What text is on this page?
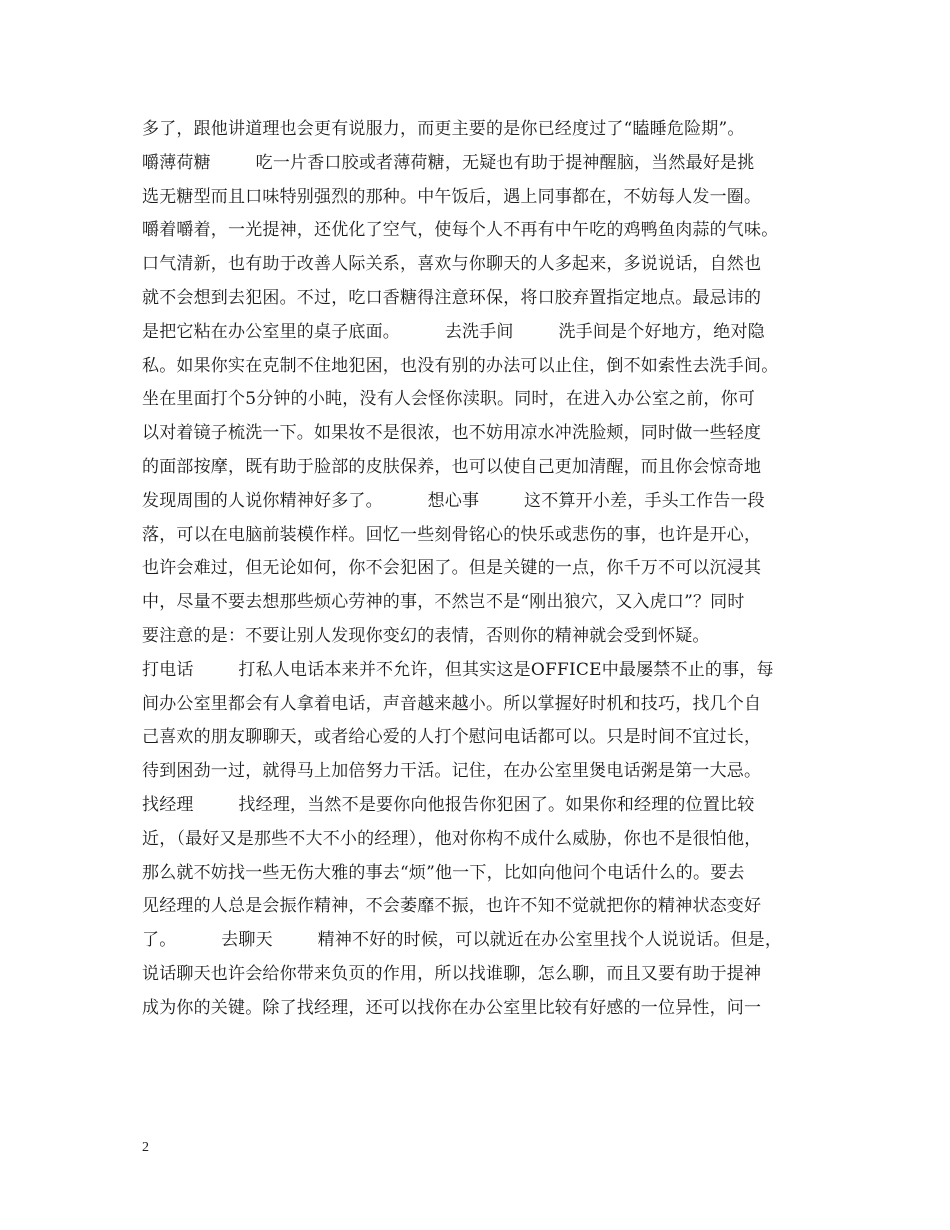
多了，跟他讲道理也会更有说服力，而更主要的是你已经度过了“瞌睡危险期”。
嚼薄荷糖        吃一片香口胶或者薄荷糖，无疑也有助于提神醒脑，当然最好是挑
选无糖型而且口味特别强烈的那种。中午饭后，遇上同事都在，不妨每人发一圈。
嚼着嚼着，一光提神，还优化了空气，使每个人不再有中午吃的鸡鸭鱼肉蒜的气味。
口气清新，也有助于改善人际关系，喜欢与你聊天的人多起来，多说说话，自然也
就不会想到去犯困。不过，吃口香糖得注意环保，将口胶弃置指定地点。最忌讳的
是把它粘在办公室里的桌子底面。        去洗手间        洗手间是个好地方，绝对隐
私。如果你实在克制不住地犯困，也没有别的办法可以止住，倒不如索性去洗手间。
坐在里面打个5分钟的小盹，没有人会怪你渎职。同时，在进入办公室之前，你可
以对着镜子梳洗一下。如果妆不是很浓，也不妨用凉水冲洗脸颊，同时做一些轻度
的面部按摩，既有助于脸部的皮肤保养，也可以使自己更加清醒，而且你会惊奇地
发现周围的人说你精神好多了。        想心事        这不算开小差，手头工作告一段
落，可以在电脑前装模作样。回忆一些刻骨铭心的快乐或悲伤的事，也许是开心，
也许会难过，但无论如何，你不会犯困了。但是关键的一点，你千万不可以沉浸其
中，尽量不要去想那些烦心劳神的事，不然岂不是“刚出狼穴，又入虎口”？同时
要注意的是：不要让别人发现你变幻的表情，否则你的精神就会受到怀疑。
打电话        打私人电话本来并不允许，但其实这是OFFICE中最屡禁不止的事，每
间办公室里都会有人拿着电话，声音越来越小。所以掌握好时机和技巧，找几个自
己喜欢的朋友聊聊天，或者给心爱的人打个慰问电话都可以。只是时间不宜过长，
待到困劲一过，就得马上加倍努力干活。记住，在办公室里煲电话粥是第一大忌。
找经理        找经理，当然不是要你向他报告你犯困了。如果你和经理的位置比较
近，（最好又是那些不大不小的经理），他对你构不成什么威胁，你也不是很怕他，
那么就不妨找一些无伤大雅的事去“烦”他一下，比如向他问个电话什么的。要去
见经理的人总是会振作精神，不会萎靡不振，也许不知不觉就把你的精神状态变好
了。        去聊天        精神不好的时候，可以就近在办公室里找个人说说话。但是，
说话聊天也许会给你带来负页的作用，所以找谁聊，怎么聊，而且又要有助于提神
成为你的关键。除了找经理，还可以找你在办公室里比较有好感的一位异性，问一
2
